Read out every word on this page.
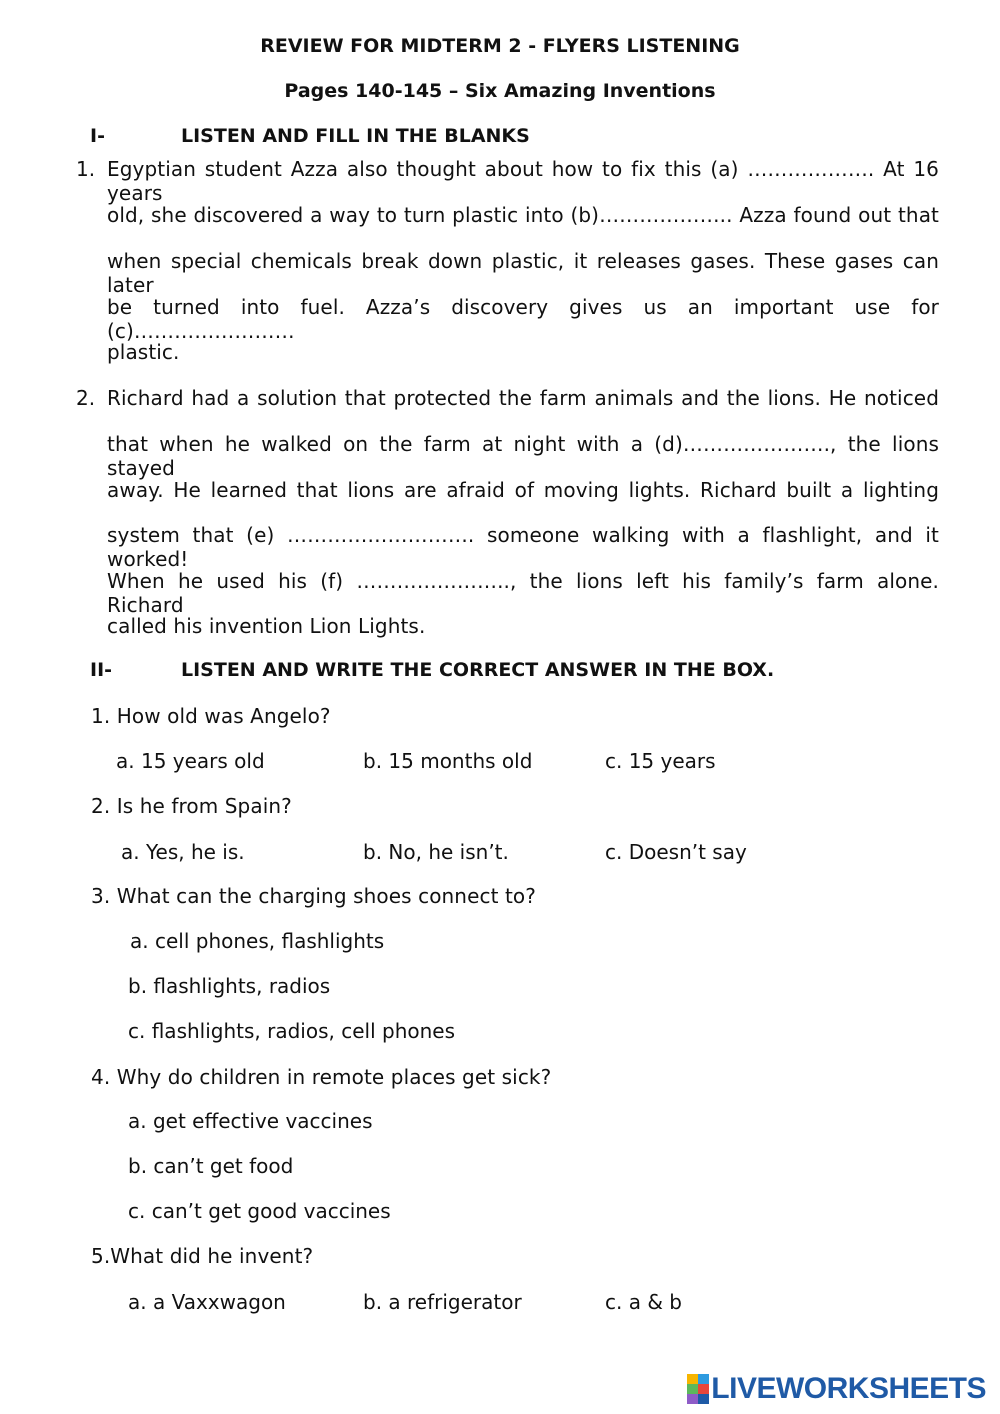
REVIEW FOR MIDTERM 2 - FLYERS LISTENING
Pages 140-145 – Six Amazing Inventions
I-	LISTEN AND FILL IN THE BLANKS
1. Egyptian student Azza also thought about how to fix this (a) ………………. At 16 years
old, she discovered a way to turn plastic into (b)……………….. Azza found out that
when special chemicals break down plastic, it releases gases. These gases can later
be turned into fuel. Azza’s discovery gives us an important use for (c)……………………
plastic.
2. Richard had a solution that protected the farm animals and the lions. He noticed
that when he walked on the farm at night with a (d)…………………., the lions stayed
away. He learned that lions are afraid of moving lights. Richard built a lighting
system that (e) ………………………. someone walking with a flashlight, and it worked!
When he used his (f) ………………….., the lions left his family’s farm alone. Richard
called his invention Lion Lights.
II-	LISTEN AND WRITE THE CORRECT ANSWER IN THE BOX.
1. How old was Angelo?
a. 15 years old	b. 15 months old	c. 15 years
2. Is he from Spain?
a. Yes, he is.	b. No, he isn’t.	c. Doesn’t say
3. What can the charging shoes connect to?
a. cell phones, flashlights
b. flashlights, radios
c. flashlights, radios, cell phones
4. Why do children in remote places get sick?
a. get effective vaccines
b. can’t get food
c. can’t get good vaccines
5.What did he invent?
a. a Vaxxwagon	b. a refrigerator	c. a & b
LIVEWORKSHEETS
